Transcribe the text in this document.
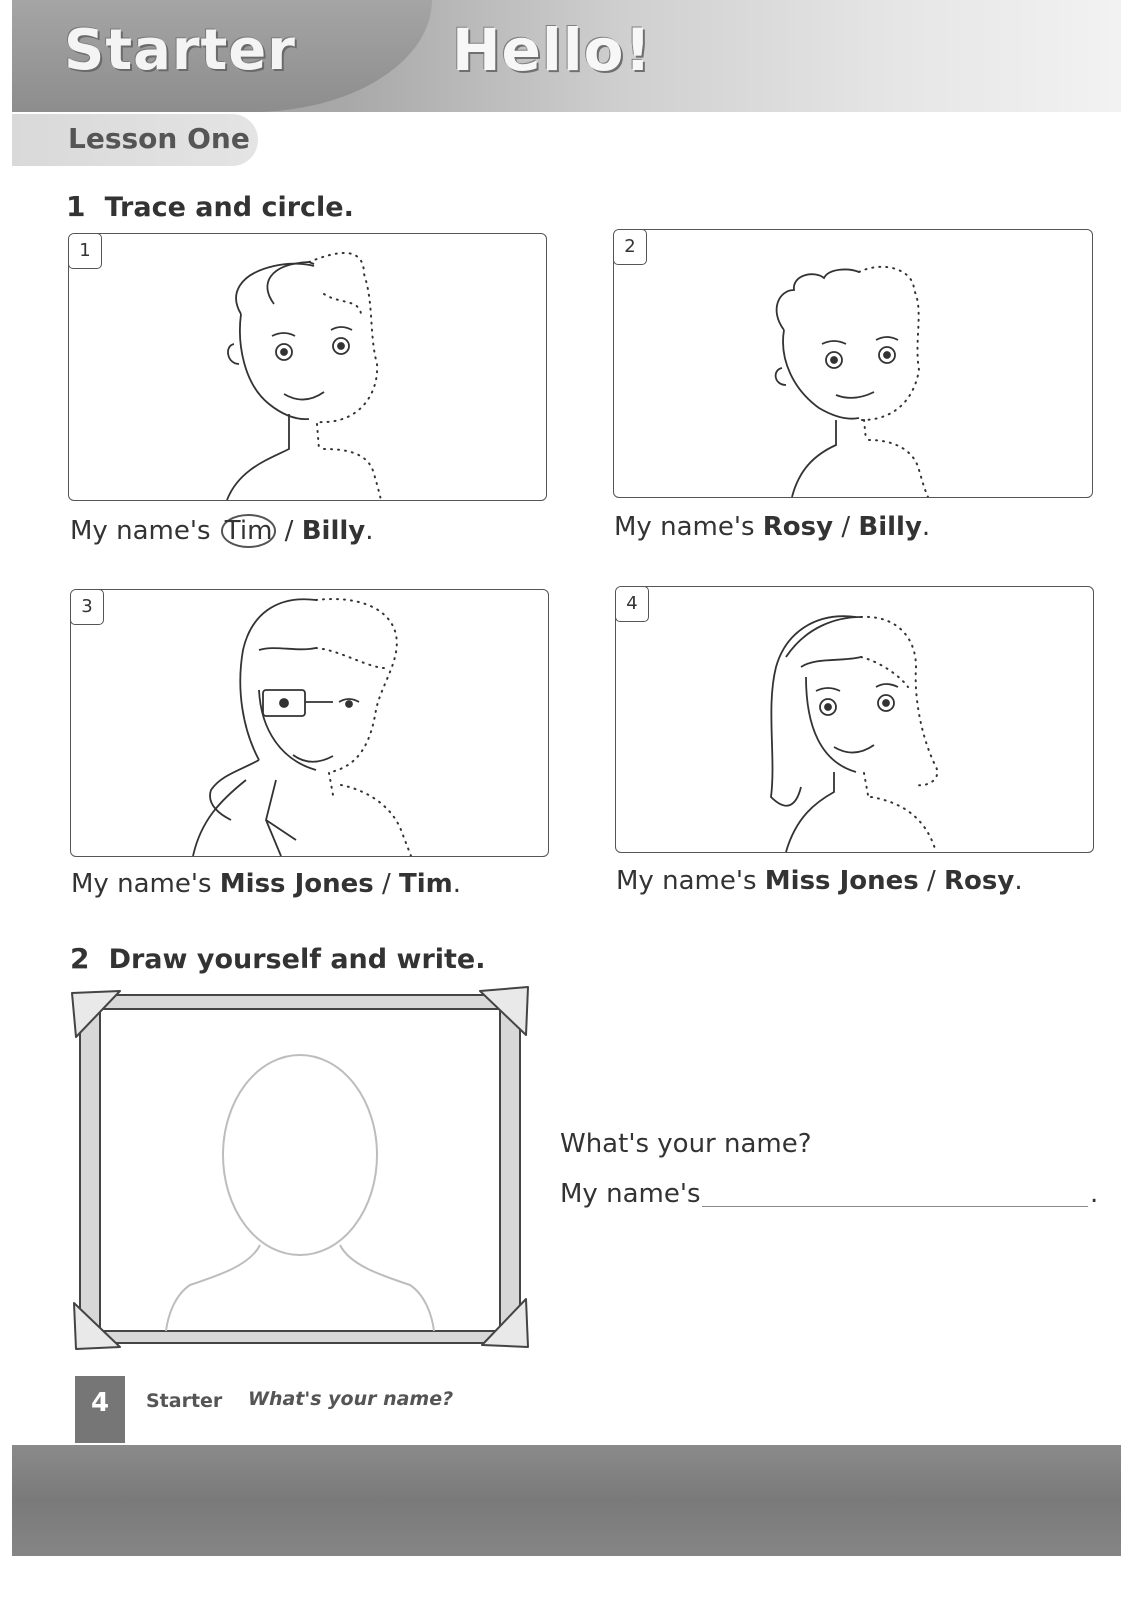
Starter	Hello!
Lesson One
1 Trace and circle.
1
My name's Tim / Billy.
2
My name's Rosy / Billy.
3
My name's Miss Jones / Tim.
4
My name's Miss Jones / Rosy.
2 Draw yourself and write.
What's your name?
My name's	.
4	Starter What's your name?
